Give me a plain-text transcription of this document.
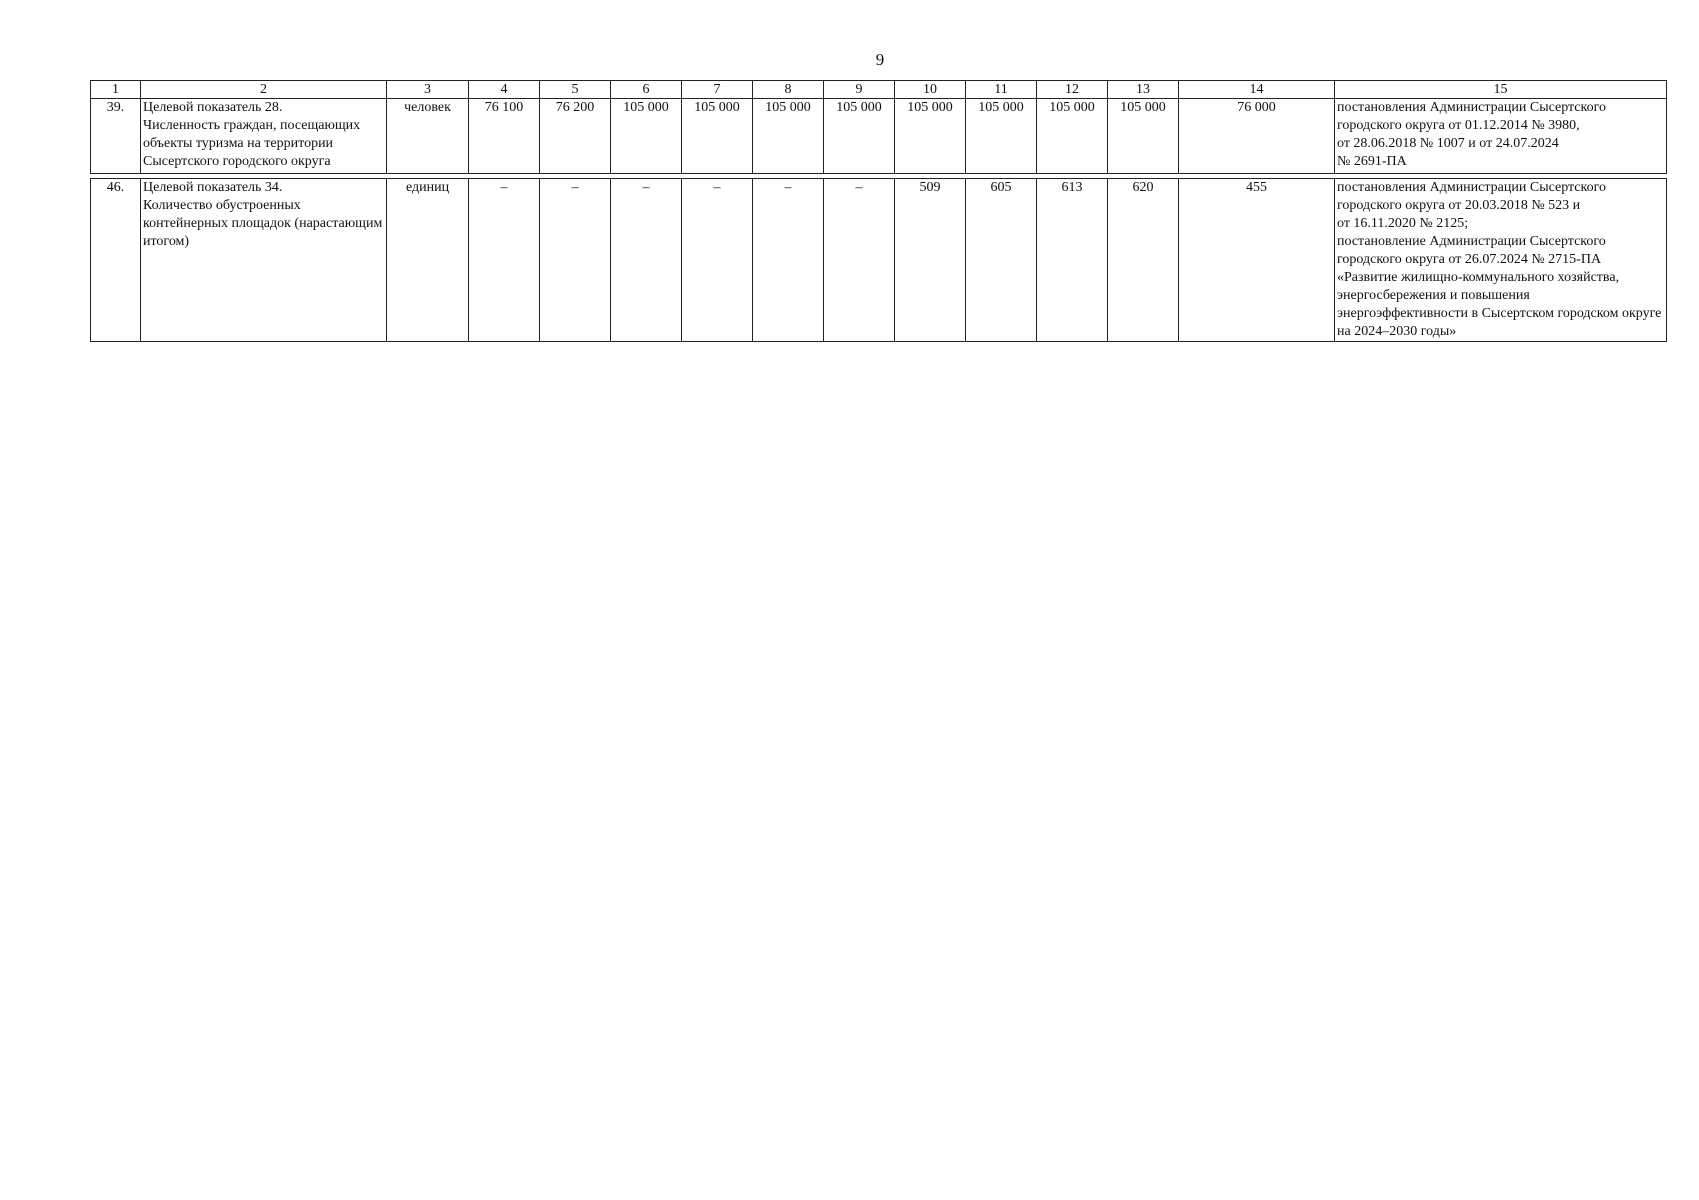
9
1	2	3	4	5	6	7	8	9	10	11	12	13	14	15
39.	Целевой показатель 28.
Численность граждан, посещающих объекты туризма на территории Сысертского городского округа	человек	76 100	76 200	105 000	105 000	105 000	105 000	105 000	105 000	105 000	105 000	76 000	постановления Администрации Сысертского городского округа от 01.12.2014 № 3980,
от 28.06.2018 № 1007 и от 24.07.2024
№ 2691-ПА

46.	Целевой показатель 34.
Количество обустроенных контейнерных площадок (нарастающим итогом)	единиц	–	–	–	–	–	–	509	605	613	620	455	постановления Администрации Сысертского городского округа от 20.03.2018 № 523 и
от 16.11.2020 № 2125;
постановление Администрации Сысертского городского округа от 26.07.2024 № 2715-ПА «Развитие жилищно-коммунального хозяйства, энергосбережения и повышения энергоэффективности в Сысертском городском округе на 2024–2030 годы»
